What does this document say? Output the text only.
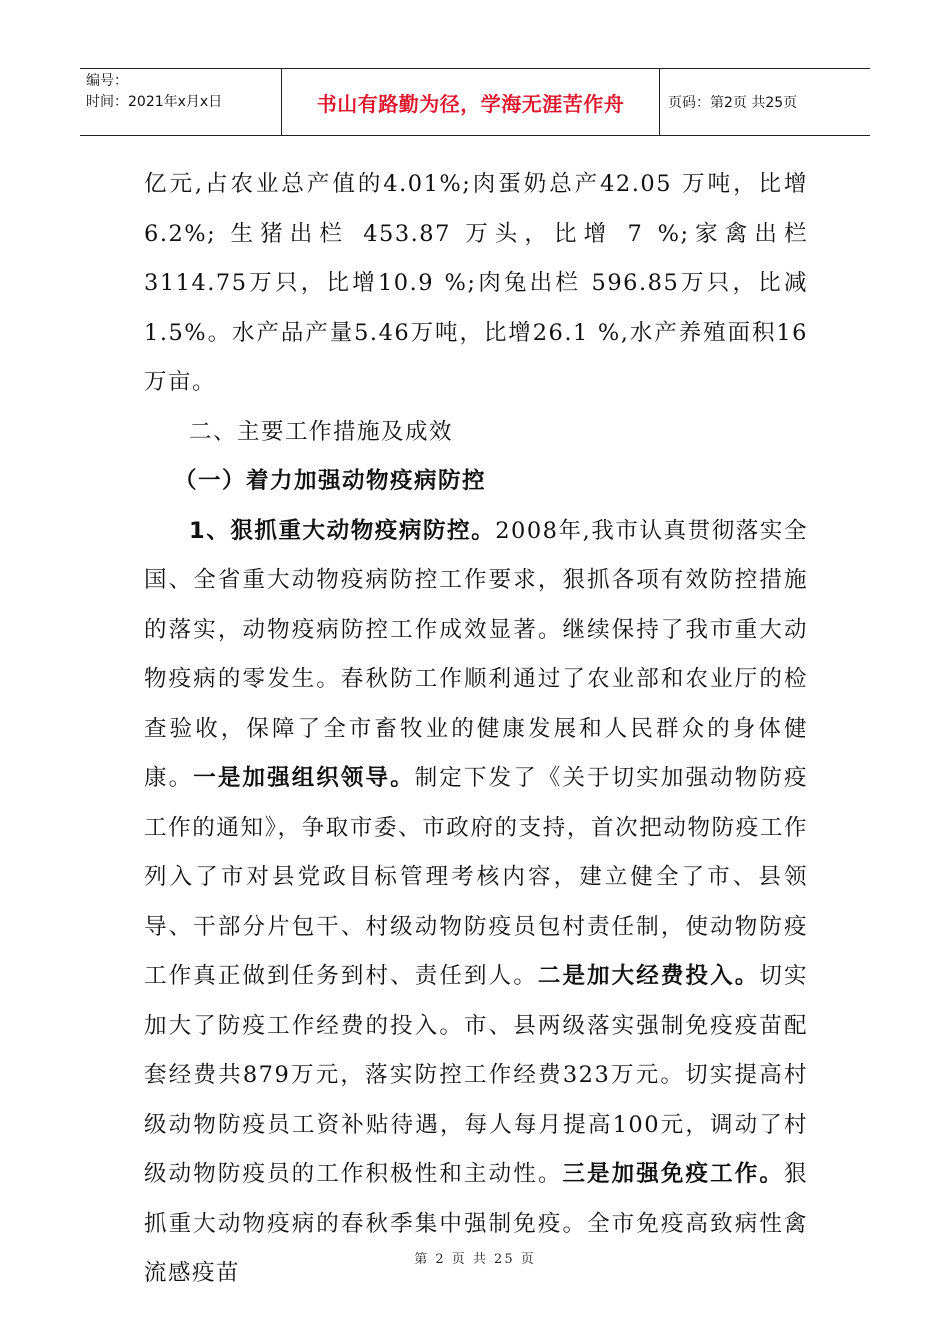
编号：
时间：2021年x月x日	书山有路勤为径，学海无涯苦作舟	页码：第2页 共25页

亿元,占农业总产值的4.01%;肉蛋奶总产42.05 万吨，比增6.2%; 生猪出栏 453.87 万头，比增 7 %;家禽出栏3114.75万只，比增10.9 %;肉兔出栏 596.85万只，比减1.5%。水产品产量5.46万吨，比增26.1 %,水产养殖面积16万亩。

二、主要工作措施及成效

（一）着力加强动物疫病防控

1、狠抓重大动物疫病防控。2008年,我市认真贯彻落实全国、全省重大动物疫病防控工作要求，狠抓各项有效防控措施的落实，动物疫病防控工作成效显著。继续保持了我市重大动物疫病的零发生。春秋防工作顺利通过了农业部和农业厅的检查验收，保障了全市畜牧业的健康发展和人民群众的身体健康。一是加强组织领导。制定下发了《关于切实加强动物防疫工作的通知》，争取市委、市政府的支持，首次把动物防疫工作列入了市对县党政目标管理考核内容，建立健全了市、县领导、干部分片包干、村级动物防疫员包村责任制，使动物防疫工作真正做到任务到村、责任到人。二是加大经费投入。切实加大了防疫工作经费的投入。市、县两级落实强制免疫疫苗配套经费共879万元，落实防控工作经费323万元。切实提高村级动物防疫员工资补贴待遇，每人每月提高100元，调动了村级动物防疫员的工作积极性和主动性。三是加强免疫工作。狠抓重大动物疫病的春秋季集中强制免疫。全市免疫高致病性禽流感疫苗

第 2 页 共 25 页
